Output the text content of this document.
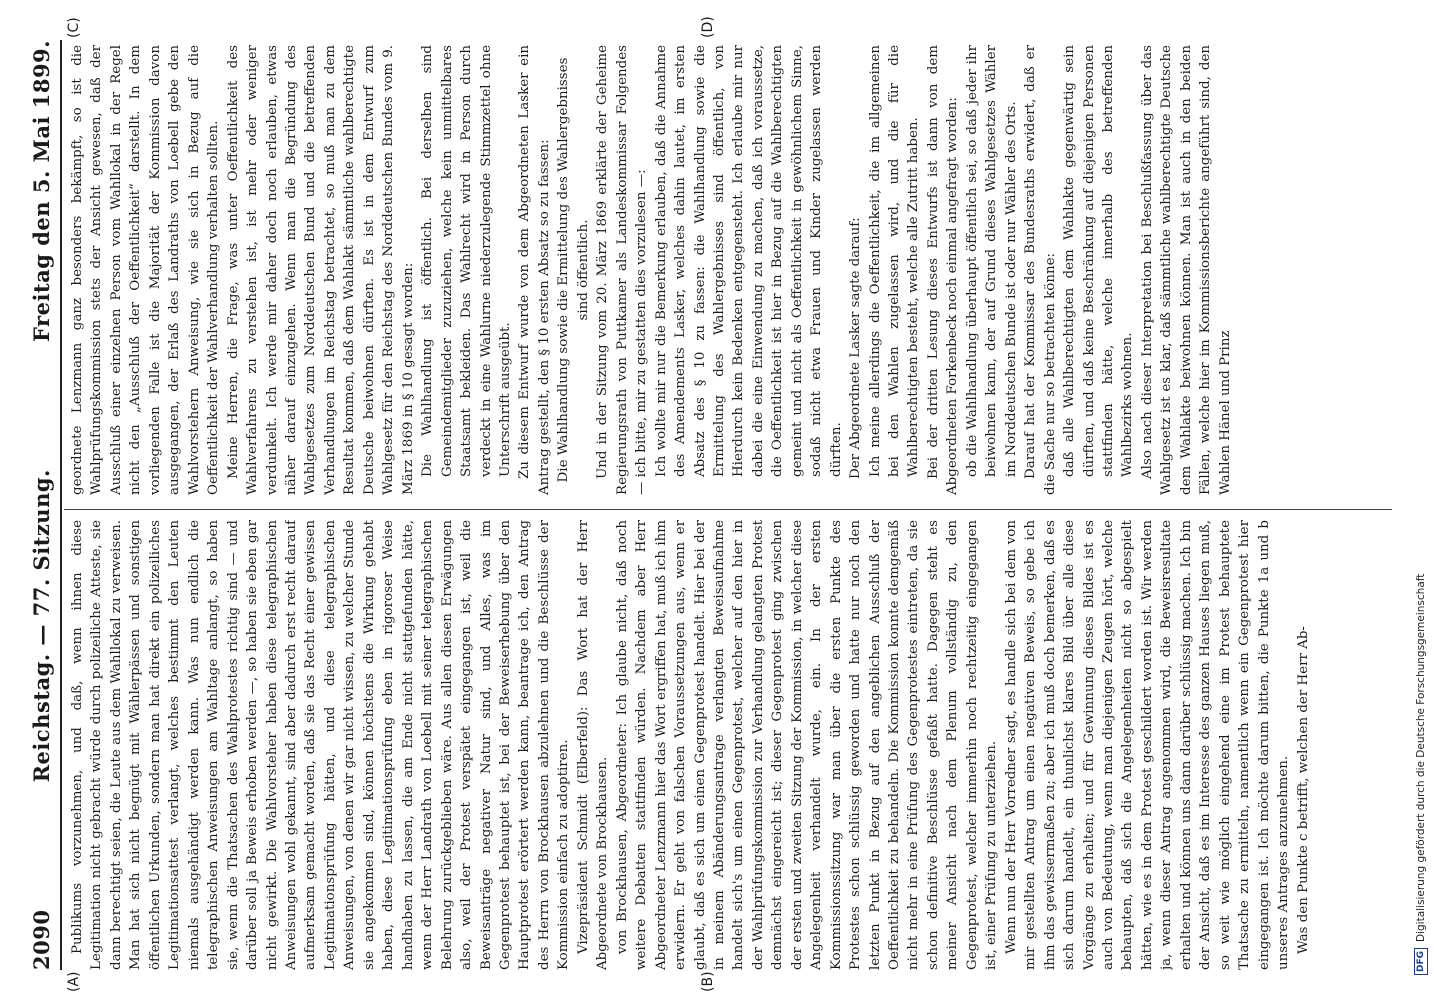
2090
Reichstag. — 77. Sitzung.
Freitag den 5. Mai 1899.
(A)	(B)
(C)	(D)

Publikums vorzunehmen, und daß, wenn ihnen diese Legitimation nicht gebracht würde durch polizeiliche Atteste, sie dann berechtigt seien, die Leute aus dem Wahllokal zu verweisen. Man hat sich nicht begnügt mit Wählerpässen und sonstigen öffentlichen Urkunden, sondern man hat direkt ein polizeiliches Legitimationsattest verlangt, welches bestimmt den Leuten niemals ausgehändigt werden kann. Was nun endlich die telegraphischen Anweisungen am Wahltage anlangt, so haben sie, wenn die Thatsachen des Wahlprotestes richtig sind — und darüber soll ja Beweis erhoben werden —, so haben sie eben gar nicht gewirkt. Die Wahlvorsteher haben diese telegraphischen Anweisungen wohl gekannt, sind aber dadurch erst recht darauf aufmerksam gemacht worden, daß sie das Recht einer gewissen Legitimationsprüfung hätten, und diese telegraphischen Anweisungen, von denen wir gar nicht wissen, zu welcher Stunde sie angekommen sind, können höchstens die Wirkung gehabt haben, diese Legitimationsprüfung eben in rigoroser Weise handhaben zu lassen, die am Ende nicht stattgefunden hätte, wenn der Herr Landrath von Loebell mit seiner telegraphischen Belehrung zurückgeblieben wäre. Aus allen diesen Erwägungen also, weil der Protest verspätet eingegangen ist, weil die Beweisanträge negativer Natur sind, und Alles, was im Gegenprotest behauptet ist, bei der Beweiserhebung über den Hauptprotest erörtert werden kann, beantrage ich, den Antrag des Herrn von Brockhausen abzulehnen und die Beschlüsse der Kommission einfach zu adoptiren. Vizepräsident Schmidt (Elberfeld): Das Wort hat der Herr Abgeordnete von Brockhausen. von Brockhausen, Abgeordneter: Ich glaube nicht, daß noch weitere Debatten stattfinden würden. Nachdem aber Herr Abgeordneter Lenzmann hier das Wort ergriffen hat, muß ich ihm erwidern. Er geht von falschen Voraussetzungen aus, wenn er glaubt, daß es sich um einen Gegenprotest handelt. Hier bei der in meinem Abänderungsantrage verlangten Beweisaufnahme handelt sich's um einen Gegenprotest, welcher auf den hier in der Wahlprüfungskommission zur Verhandlung gelangten Protest demnächst eingereicht ist; dieser Gegenprotest ging zwischen der ersten und zweiten Sitzung der Kommission, in welcher diese Angelegenheit verhandelt wurde, ein. In der ersten Kommissionssitzung war man über die ersten Punkte des Protestes schon schlüssig geworden und hatte nur noch den letzten Punkt in Bezug auf den angeblichen Ausschluß der Oeffentlichkeit zu behandeln. Die Kommission konnte demgemäß nicht mehr in eine Prüfung des Gegenprotestes eintreten, da sie schon definitive Beschlüsse gefaßt hatte. Dagegen steht es meiner Ansicht nach dem Plenum vollständig zu, den Gegenprotest, welcher immerhin noch rechtzeitig eingegangen ist, einer Prüfung zu unterziehen. Wenn nun der Herr Vorredner sagt, es handle sich bei dem von mir gestellten Antrag um einen negativen Beweis, so gebe ich ihm das gewissermaßen zu; aber ich muß doch bemerken, daß es sich darum handelt, ein thunlichst klares Bild über alle diese Vorgänge zu erhalten; und für Gewinnung dieses Bildes ist es auch von Bedeutung, wenn man diejenigen Zeugen hört, welche behaupten, daß sich die Angelegenheiten nicht so abgespielt hätten, wie es in dem Protest geschildert worden ist. Wir werden ja, wenn dieser Antrag angenommen wird, die Beweisresultate erhalten und können uns dann darüber schlüssig machen. Ich bin der Ansicht, daß es im Interesse des ganzen Hauses liegen muß, so weit wie möglich eingehend eine im Protest behauptete Thatsache zu ermitteln, namentlich wenn ein Gegenprotest hier eingegangen ist. Ich möchte darum bitten, die Punkte 1a und b unseres Antrages anzunehmen. Was den Punkte c betrifft, welchen der Herr Ab-

geordnete Lenzmann ganz besonders bekämpft, so ist die Wahlprüfungskommission stets der Ansicht gewesen, daß der Ausschluß einer einzelnen Person vom Wahllokal in der Regel nicht den „Ausschluß der Oeffentlichkeit“ darstellt. In dem vorliegenden Falle ist die Majorität der Kommission davon ausgegangen, der Erlaß des Landraths von Loebell gebe den Wahlvorstehern Anweisung, wie sie sich in Bezug auf die Oeffentlichkeit der Wahlverhandlung verhalten sollten. Meine Herren, die Frage, was unter Oeffentlichkeit des Wahlverfahrens zu verstehen ist, ist mehr oder weniger verdunkelt. Ich werde mir daher doch noch erlauben, etwas näher darauf einzugehen. Wenn man die Begründung des Wahlgesetzes zum Norddeutschen Bund und die betreffenden Verhandlungen im Reichstag betrachtet, so muß man zu dem Resultat kommen, daß dem Wahlakt sämmtliche wahlberechtigte Deutsche beiwohnen dürften. Es ist in dem Entwurf zum Wahlgesetz für den Reichstag des Norddeutschen Bundes vom 9. März 1869 in § 10 gesagt worden: Die Wahlhandlung ist öffentlich. Bei derselben sind Gemeindemitglieder zuzuziehen, welche kein unmittelbares Staatsamt bekleiden. Das Wahlrecht wird in Person durch verdeckt in eine Wahlurne niederzulegende Stimmzettel ohne Unterschrift ausgeübt. Zu diesem Entwurf wurde von dem Abgeordneten Lasker ein Antrag gestellt, den § 10 ersten Absatz so zu fassen: Die Wahlhandlung sowie die Ermittelung des Wahlergebnisses sind öffentlich. Und in der Sitzung vom 20. März 1869 erklärte der Geheime Regierungsrath von Puttkamer als Landeskommissar Folgendes — ich bitte, mir zu gestatten dies vorzulesen —: Ich wollte mir nur die Bemerkung erlauben, daß die Annahme des Amendements Lasker, welches dahin lautet, im ersten Absatz des § 10 zu fassen: die Wahlhandlung sowie die Ermittelung des Wahlergebnisses sind öffentlich, von Hierdurch kein Bedenken entgegensteht. Ich erlaube mir nur dabei die eine Einwendung zu machen, daß ich voraussetze, die Oeffentlichkeit ist hier in Bezug auf die Wahlberechtigten gemeint und nicht als Oeffentlichkeit in gewöhnlichem Sinne, sodaß nicht etwa Frauen und Kinder zugelassen werden dürften. Der Abgeordnete Lasker sagte darauf: Ich meine allerdings die Oeffentlichkeit, die im allgemeinen bei den Wahlen zugelassen wird, und die für die Wahlberechtigten besteht, welche alle Zutritt haben. Bei der dritten Lesung dieses Entwurfs ist dann von dem Abgeordneten Forkenbeck noch einmal angefragt worden: ob die Wahlhandlung überhaupt öffentlich sei, so daß jeder ihr beiwohnen kann, der auf Grund dieses Wahlgesetzes Wähler im Norddeutschen Bunde ist oder nur Wähler des Orts. Darauf hat der Kommissar des Bundesraths erwidert, daß er die Sache nur so betrachten könne: daß alle Wahlberechtigten dem Wahlakte gegenwärtig sein dürften, und daß keine Beschränkung auf diejenigen Personen stattfinden hätte, welche innerhalb des betreffenden Wahlbezirks wohnen. Also nach dieser Interpretation bei Beschlußfassung über das Wahlgesetz ist es klar, daß sämmtliche wahlberechtigte Deutsche dem Wahlakte beiwohnen können. Man ist auch in den beiden Fällen, welche hier im Kommissionsberichte angeführt sind, den Wahlen Hänel und Prinz

DFG
Digitalisierung gefördert durch die Deutsche Forschungsgemeinschaft
